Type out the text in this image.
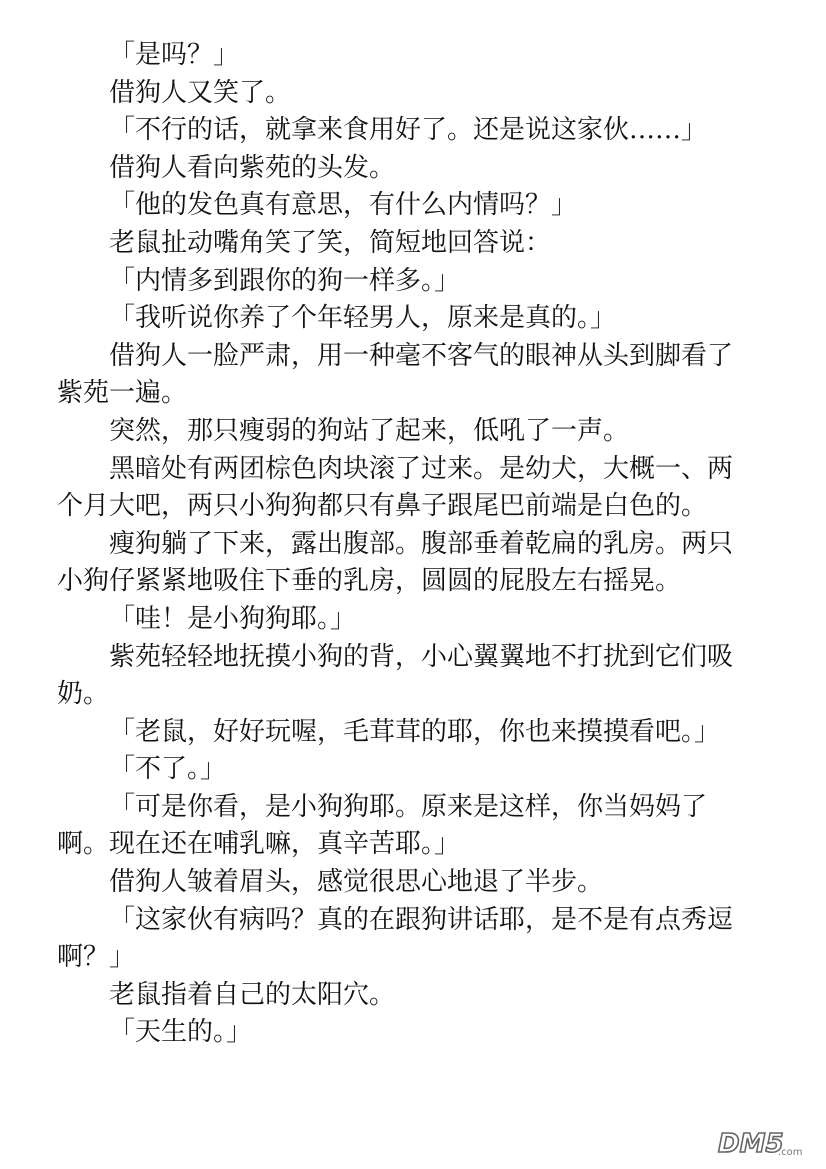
「是吗？」
借狗人又笑了。
「不行的话，就拿来食用好了。还是说这家伙……」
借狗人看向紫苑的头发。
「他的发色真有意思，有什么内情吗？」
老鼠扯动嘴角笑了笑，简短地回答说：
「内情多到跟你的狗一样多。」
「我听说你养了个年轻男人，原来是真的。」
借狗人一脸严肃，用一种毫不客气的眼神从头到脚看了
紫苑一遍。
突然，那只瘦弱的狗站了起来，低吼了一声。
黑暗处有两团棕色肉块滚了过来。是幼犬，大概一、两
个月大吧，两只小狗狗都只有鼻子跟尾巴前端是白色的。
瘦狗躺了下来，露出腹部。腹部垂着乾扁的乳房。两只
小狗仔紧紧地吸住下垂的乳房，圆圆的屁股左右摇晃。
「哇！是小狗狗耶。」
紫苑轻轻地抚摸小狗的背，小心翼翼地不打扰到它们吸
奶。
「老鼠，好好玩喔，毛茸茸的耶，你也来摸摸看吧。」
「不了。」
「可是你看，是小狗狗耶。原来是这样，你当妈妈了
啊。现在还在哺乳嘛，真辛苦耶。」
借狗人皱着眉头，感觉很思心地退了半步。
「这家伙有病吗？真的在跟狗讲话耶，是不是有点秀逗
啊？」
老鼠指着自己的太阳穴。
「天生的。」
DM5
.com
